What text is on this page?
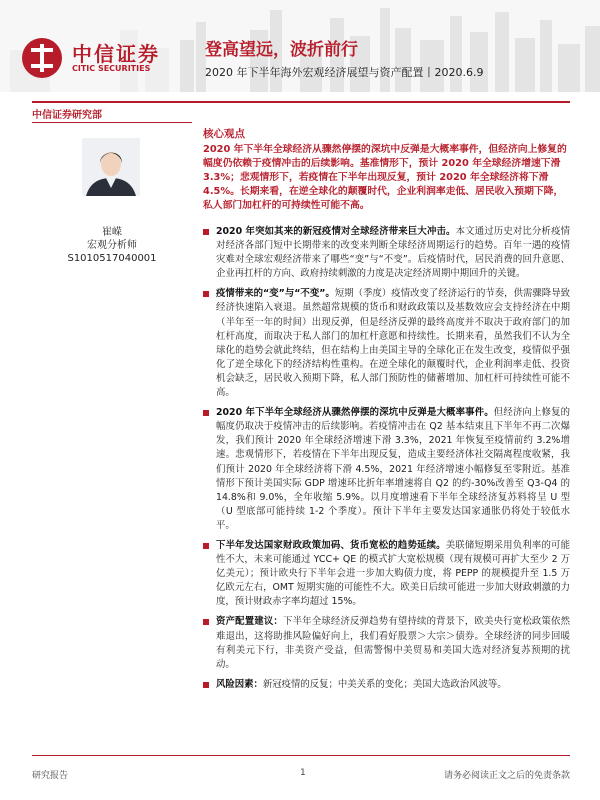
中信证券
CITIC SECURITIES
登高望远，波折前行
2020 年下半年海外宏观经济展望与资产配置丨2020.6.9
中信证券研究部
核心观点
崔嵘
宏观分析师
S1010517040001

2020 年下半年全球经济从骤然停摆的深坑中反弹是大概率事件，但经济向上修复的幅度仍依赖于疫情冲击的后续影响。基准情形下，预计 2020 年全球经济增速下滑 3.3%；悲观情形下，若疫情在下半年出现反复，预计 2020 年全球经济将下滑 4.5%。长期来看，在逆全球化的颠覆时代，企业利润率走低、居民收入预期下降，私人部门加杠杆的可持续性可能不高。

2020 年突如其来的新冠疫情对全球经济带来巨大冲击。本文通过历史对比分析疫情对经济各部门短中长期带来的改变来判断全球经济周期运行的趋势。百年一遇的疫情灾难对全球宏观经济带来了哪些“变”与“不变”。后疫情时代，居民消费的回升意愿、企业再扛杆的方向、政府持续刺激的力度是决定经济周期中期回升的关键。
疫情带来的“变”与“不变”。短期（季度）疫情改变了经济运行的节奏，供需骤降导致经济快速陷入衰退。虽然超常规模的货币和财政政策以及基数效应会支持经济在中期（半年至一年的时间）出现反弹，但是经济反弹的最终高度并不取决于政府部门的加杠杆高度，而取决于私人部门的加杠杆意愿和持续性。长期来看，虽然我们不认为全球化的趋势会就此终结，但在结构上由美国主导的全球化正在发生改变，疫情似乎强化了逆全球化下的经济结构性重构。在逆全球化的颠覆时代，企业利润率走低、投资机会缺乏，居民收入预期下降，私人部门预防性的储蓄增加、加杠杆可持续性可能不高。
2020 年下半年全球经济从骤然停摆的深坑中反弹是大概率事件。但经济向上修复的幅度仍取决于疫情冲击的后续影响。若疫情冲击在 Q2 基本结束且下半年不再二次爆发，我们预计 2020 年全球经济增速下滑 3.3%，2021 年恢复至疫情前约 3.2%增速。悲观情形下，若疫情在下半年出现反复，造成主要经济体社交隔离程度收紧，我们预计 2020 年全球经济将下滑 4.5%，2021 年经济增速小幅修复至零附近。基准情形下预计美国实际 GDP 增速环比折年率增速将自 Q2 的约-30%改善至 Q3-Q4 的 14.8%和 9.0%，全年收缩 5.9%。以月度增速看下半年全球经济复苏料将呈 U 型（U 型底部可能持续 1-2 个季度）。预计下半年主要发达国家通胀仍将处于较低水平。
下半年发达国家财政政策加码、货币宽松的趋势延续。美联储短期采用负利率的可能性不大，未来可能通过 YCC+ QE 的模式扩大宽松规模（现有规模可再扩大至少 2 万亿美元）；预计欧央行下半年会进一步加大购债力度，将 PEPP 的规模提升至 1.5 万亿欧元左右，OMT 短期实施的可能性不大。欧美日后续可能进一步加大财政刺激的力度，预计财政赤字率均超过 15%。
资产配置建议：下半年全球经济反弹趋势有望持续的背景下，欧美央行宽松政策依然难退出，这将助推风险偏好向上，我们看好股票＞大宗＞债券。全球经济的同步回暖有利美元下行，非美资产受益，但需警惕中美贸易和美国大选对经济复苏预期的扰动。
风险因素：新冠疫情的反复；中美关系的变化；美国大选政治风波等。
研究报告	1	请务必阅读正文之后的免责条款
